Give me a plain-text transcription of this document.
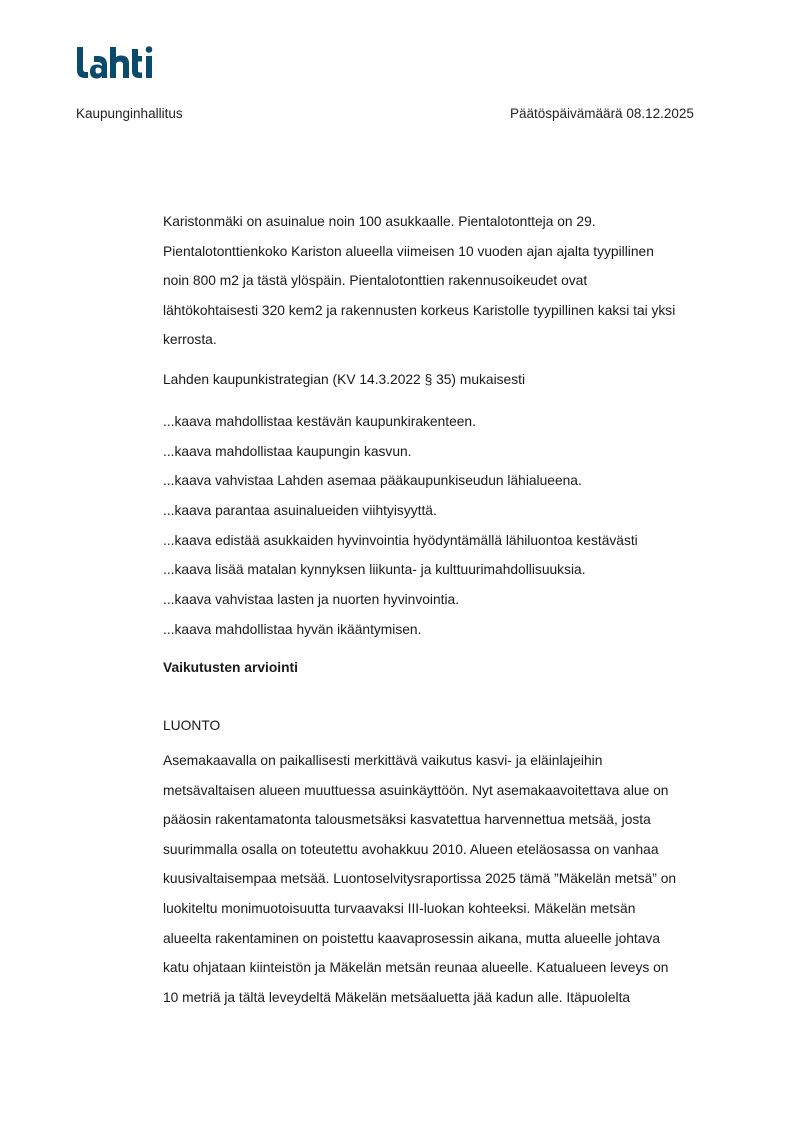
Kaupunginhallitus	Päätöspäivämäärä 08.12.2025

Karistonmäki on asuinalue noin 100 asukkaalle. Pientalotontteja on 29.

Pientalotonttienkoko Kariston alueella viimeisen 10 vuoden ajan ajalta tyypillinen

noin 800 m2 ja tästä ylöspäin. Pientalotonttien rakennusoikeudet ovat

lähtökohtaisesti 320 kem2 ja rakennusten korkeus Karistolle tyypillinen kaksi tai yksi

kerrosta.

Lahden kaupunkistrategian (KV 14.3.2022 § 35) mukaisesti

...kaava mahdollistaa kestävän kaupunkirakenteen.

...kaava mahdollistaa kaupungin kasvun.

...kaava vahvistaa Lahden asemaa pääkaupunkiseudun lähialueena.

...kaava parantaa asuinalueiden viihtyisyyttä.

...kaava edistää asukkaiden hyvinvointia hyödyntämällä lähiluontoa kestävästi

...kaava lisää matalan kynnyksen liikunta- ja kulttuurimahdollisuuksia.

...kaava vahvistaa lasten ja nuorten hyvinvointia.

...kaava mahdollistaa hyvän ikääntymisen.

Vaikutusten arviointi
LUONTO

Asemakaavalla on paikallisesti merkittävä vaikutus kasvi- ja eläinlajeihin

metsävaltaisen alueen muuttuessa asuinkäyttöön. Nyt asemakaavoitettava alue on

pääosin rakentamatonta talousmetsäksi kasvatettua harvennettua metsää, josta

suurimmalla osalla on toteutettu avohakkuu 2010. Alueen eteläosassa on vanhaa

kuusivaltaisempaa metsää. Luontoselvitysraportissa 2025 tämä ”Mäkelän metsä” on

luokiteltu monimuotoisuutta turvaavaksi III-luokan kohteeksi. Mäkelän metsän

alueelta rakentaminen on poistettu kaavaprosessin aikana, mutta alueelle johtava

katu ohjataan kiinteistön ja Mäkelän metsän reunaa alueelle. Katualueen leveys on

10 metriä ja tältä leveydeltä Mäkelän metsäaluetta jää kadun alle. Itäpuolelta
